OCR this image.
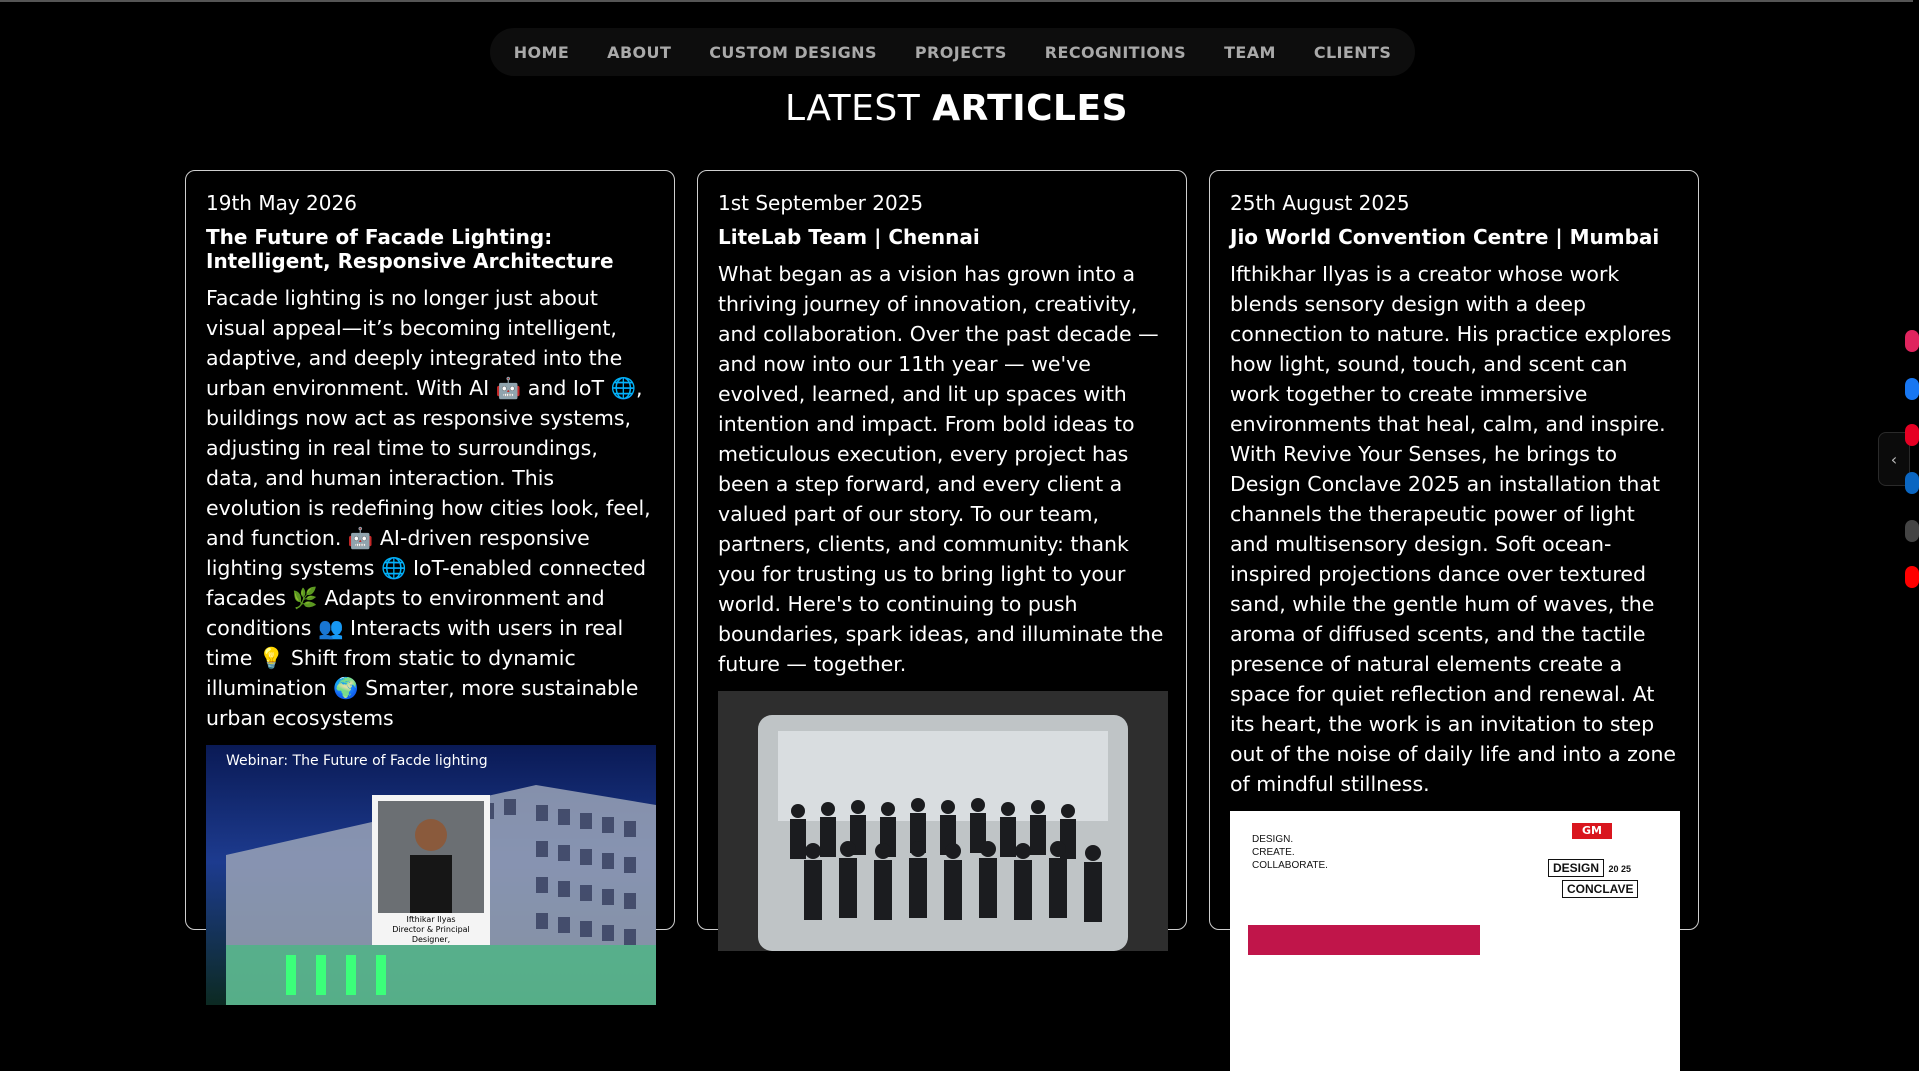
HOME ABOUT CUSTOM DESIGNS PROJECTS RECOGNITIONS TEAM CLIENTS
LATEST ARTICLES
19th May 2026
The Future of Facade Lighting: Intelligent, Responsive Architecture

Facade lighting is no longer just about visual appeal—it’s becoming intelligent, adaptive, and deeply integrated into the urban environment. With AI 🤖 and IoT 🌐, buildings now act as responsive systems, adjusting in real time to surroundings, data, and human interaction. This evolution is redefining how cities look, feel, and function. 🤖 AI-driven responsive lighting systems 🌐 IoT-enabled connected facades 🌿 Adapts to environment and conditions 👥 Interacts with users in real time 💡 Shift from static to dynamic illumination 🌍 Smarter, more sustainable urban ecosystems

Webinar: The Future of Facde lighting
Ifthikar Ilyas
Director & Principal Designer,
1st September 2025
LiteLab Team | Chennai

What began as a vision has grown into a thriving journey of innovation, creativity, and collaboration. Over the past decade — and now into our 11th year — we've evolved, learned, and lit up spaces with intention and impact. From bold ideas to meticulous execution, every project has been a step forward, and every client a valued part of our story. To our team, partners, clients, and community: thank you for trusting us to bring light to your world. Here's to continuing to push boundaries, spark ideas, and illuminate the future — together.

25th August 2025
Jio World Convention Centre | Mumbai

Ifthikhar Ilyas is a creator whose work blends sensory design with a deep connection to nature. His practice explores how light, sound, touch, and scent can work together to create immersive environments that heal, calm, and inspire. With Revive Your Senses, he brings to Design Conclave 2025 an installation that channels the therapeutic power of light and multisensory design. Soft ocean-inspired projections dance over textured sand, while the gentle hum of waves, the aroma of diffused scents, and the tactile presence of natural elements create a space for quiet reflection and renewal. At its heart, the work is an invitation to step out of the noise of daily life and into a zone of mindful stillness.

DESIGN.
CREATE.
COLLABORATE.
GM
DESIGN 20 25 CONCLAVE
‹
